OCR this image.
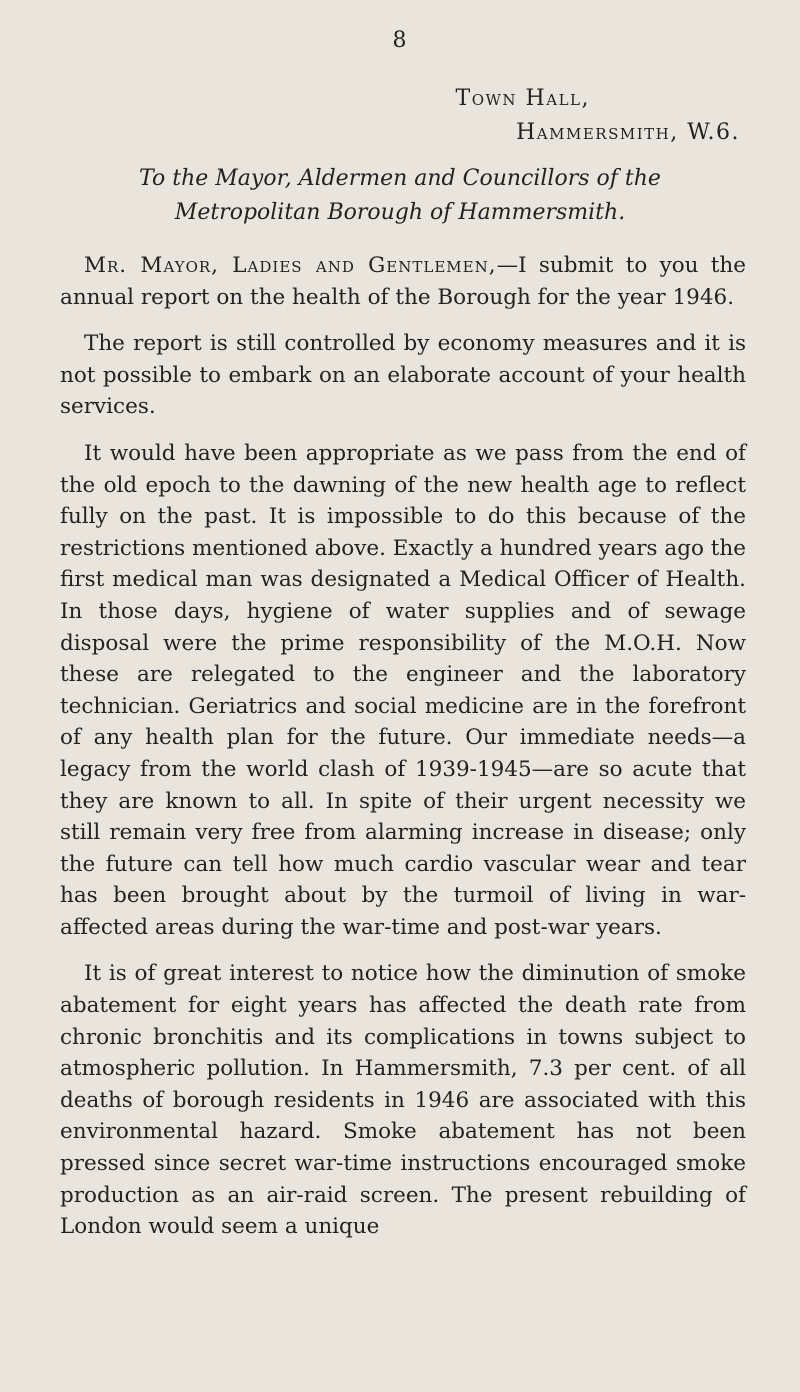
8
Town Hall,
Hammersmith, W.6.
To the Mayor, Aldermen and Councillors of the
Metropolitan Borough of Hammersmith.

Mr. Mayor, Ladies and Gentlemen,—I submit to you the annual report on the health of the Borough for the year 1946.

The report is still controlled by economy measures and it is not possible to embark on an elaborate account of your health services.

It would have been appropriate as we pass from the end of the old epoch to the dawning of the new health age to reflect fully on the past. It is impossible to do this because of the restrictions mentioned above. Exactly a hundred years ago the first medical man was designated a Medical Officer of Health. In those days, hygiene of water supplies and of sewage disposal were the prime responsibility of the M.O.H. Now these are relegated to the engineer and the laboratory technician. Geriatrics and social medicine are in the forefront of any health plan for the future. Our immediate needs—a legacy from the world clash of 1939-1945—are so acute that they are known to all. In spite of their urgent necessity we still remain very free from alarming increase in disease; only the future can tell how much cardio vascular wear and tear has been brought about by the turmoil of living in war-affected areas during the war-time and post-war years.

It is of great interest to notice how the diminution of smoke abatement for eight years has affected the death rate from chronic bronchitis and its complications in towns subject to atmospheric pollution. In Hammersmith, 7.3 per cent. of all deaths of borough residents in 1946 are associated with this environmental hazard. Smoke abatement has not been pressed since secret war-time instructions encouraged smoke production as an air-raid screen. The present rebuilding of London would seem a unique
